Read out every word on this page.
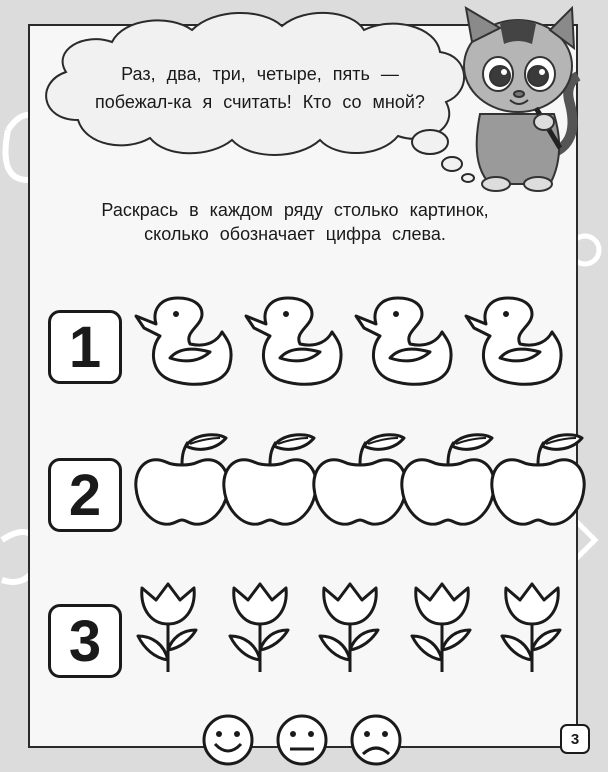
Раз, два, три, четыре, пять —
побежал-ка я считать! Кто со мной?
Раскрась в каждом ряду столько картинок,
сколько обозначает цифра слева.
1
2
3
3
